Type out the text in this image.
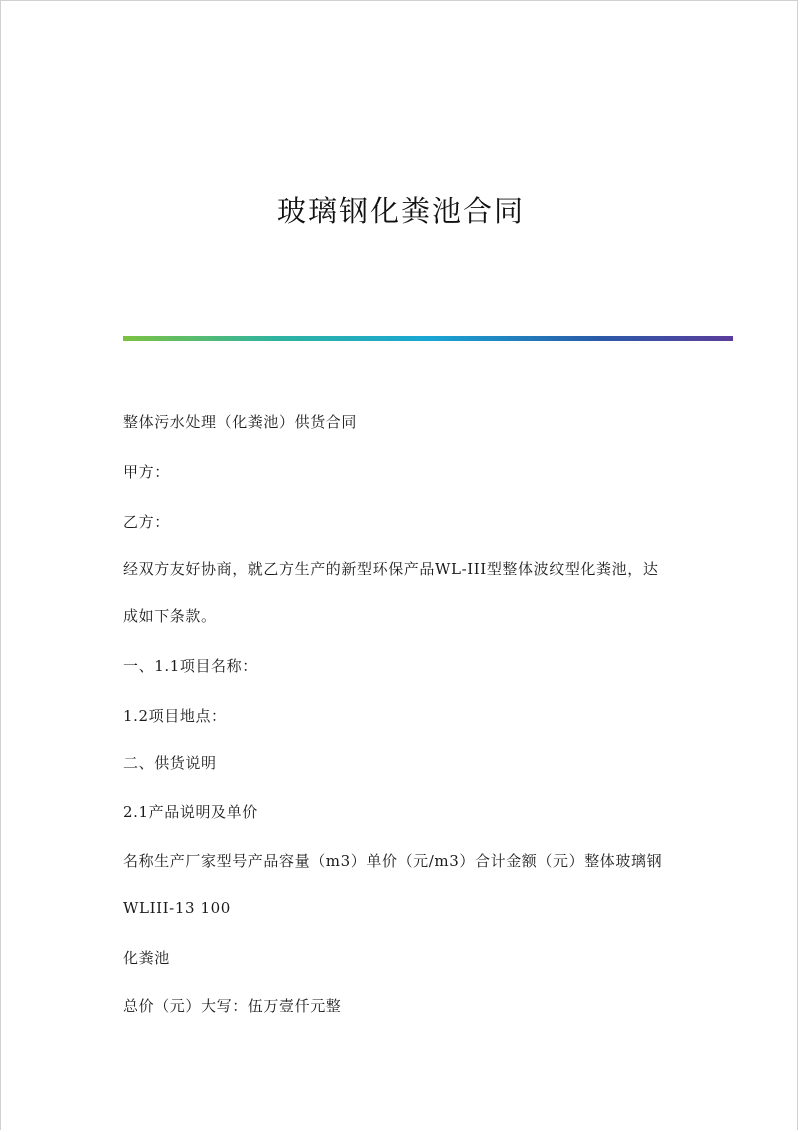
玻璃钢化粪池合同
整体污水处理（化粪池）供货合同
甲方：
乙方：
经双方友好协商，就乙方生产的新型环保产品WL-III型整体波纹型化粪池，达
成如下条款。
一、1.1项目名称：
1.2项目地点：
二、供货说明
2.1产品说明及单价
名称生产厂家型号产品容量（m3）单价（元/m3）合计金额（元）整体玻璃钢
WLIII-13 100
化粪池
总价（元）大写：伍万壹仟元整
